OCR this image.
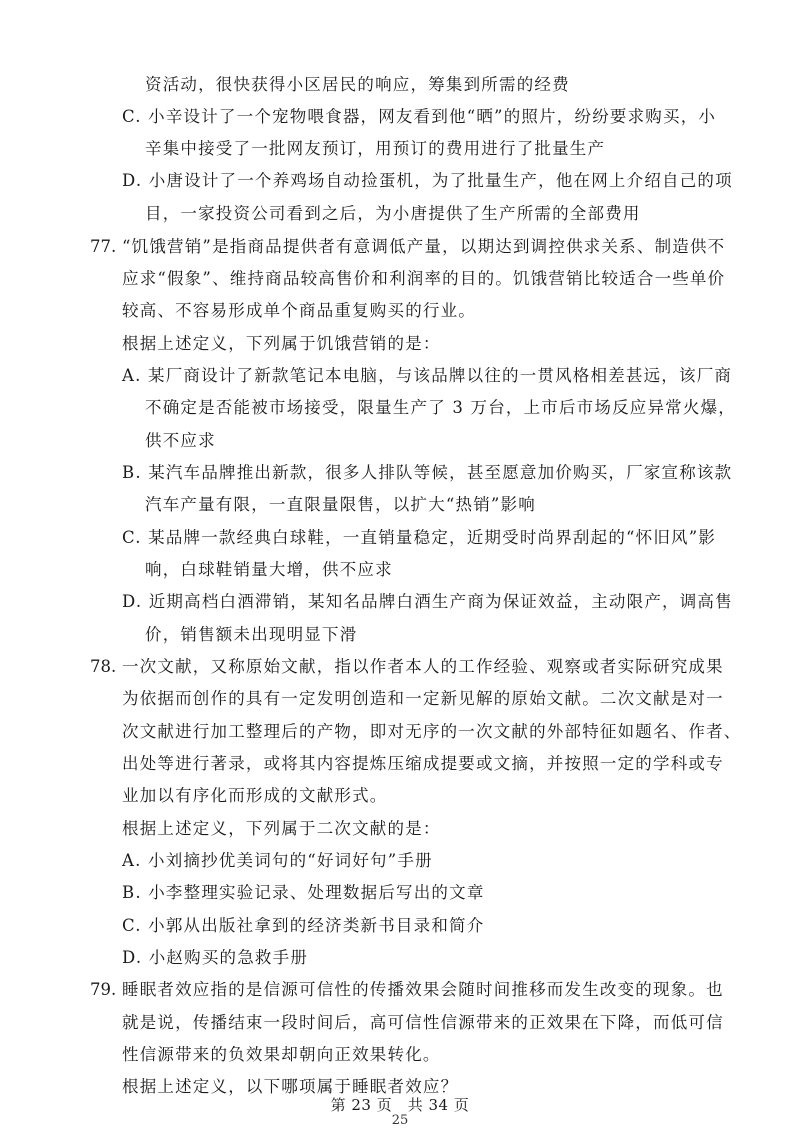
资活动，很快获得小区居民的响应，筹集到所需的经费
C. 小辛设计了一个宠物喂食器，网友看到他“晒”的照片，纷纷要求购买，小
辛集中接受了一批网友预订，用预订的费用进行了批量生产
D. 小唐设计了一个养鸡场自动捡蛋机，为了批量生产，他在网上介绍自己的项
目，一家投资公司看到之后，为小唐提供了生产所需的全部费用
77. “饥饿营销”是指商品提供者有意调低产量，以期达到调控供求关系、制造供不
应求“假象”、维持商品较高售价和利润率的目的。饥饿营销比较适合一些单价
较高、不容易形成单个商品重复购买的行业。
根据上述定义，下列属于饥饿营销的是：
A. 某厂商设计了新款笔记本电脑，与该品牌以往的一贯风格相差甚远，该厂商
不确定是否能被市场接受，限量生产了 3 万台，上市后市场反应异常火爆，
供不应求
B. 某汽车品牌推出新款，很多人排队等候，甚至愿意加价购买，厂家宣称该款
汽车产量有限，一直限量限售，以扩大“热销”影响
C. 某品牌一款经典白球鞋，一直销量稳定，近期受时尚界刮起的“怀旧风”影
响，白球鞋销量大增，供不应求
D. 近期高档白酒滞销，某知名品牌白酒生产商为保证效益，主动限产，调高售
价，销售额未出现明显下滑
78. 一次文献，又称原始文献，指以作者本人的工作经验、观察或者实际研究成果
为依据而创作的具有一定发明创造和一定新见解的原始文献。二次文献是对一
次文献进行加工整理后的产物，即对无序的一次文献的外部特征如题名、作者、
出处等进行著录，或将其内容提炼压缩成提要或文摘，并按照一定的学科或专
业加以有序化而形成的文献形式。
根据上述定义，下列属于二次文献的是：
A. 小刘摘抄优美词句的“好词好句”手册
B. 小李整理实验记录、处理数据后写出的文章
C. 小郭从出版社拿到的经济类新书目录和简介
D. 小赵购买的急救手册
79. 睡眠者效应指的是信源可信性的传播效果会随时间推移而发生改变的现象。也
就是说，传播结束一段时间后，高可信性信源带来的正效果在下降，而低可信
性信源带来的负效果却朝向正效果转化。
根据上述定义，以下哪项属于睡眠者效应？
第 23 页　共 34 页
25
